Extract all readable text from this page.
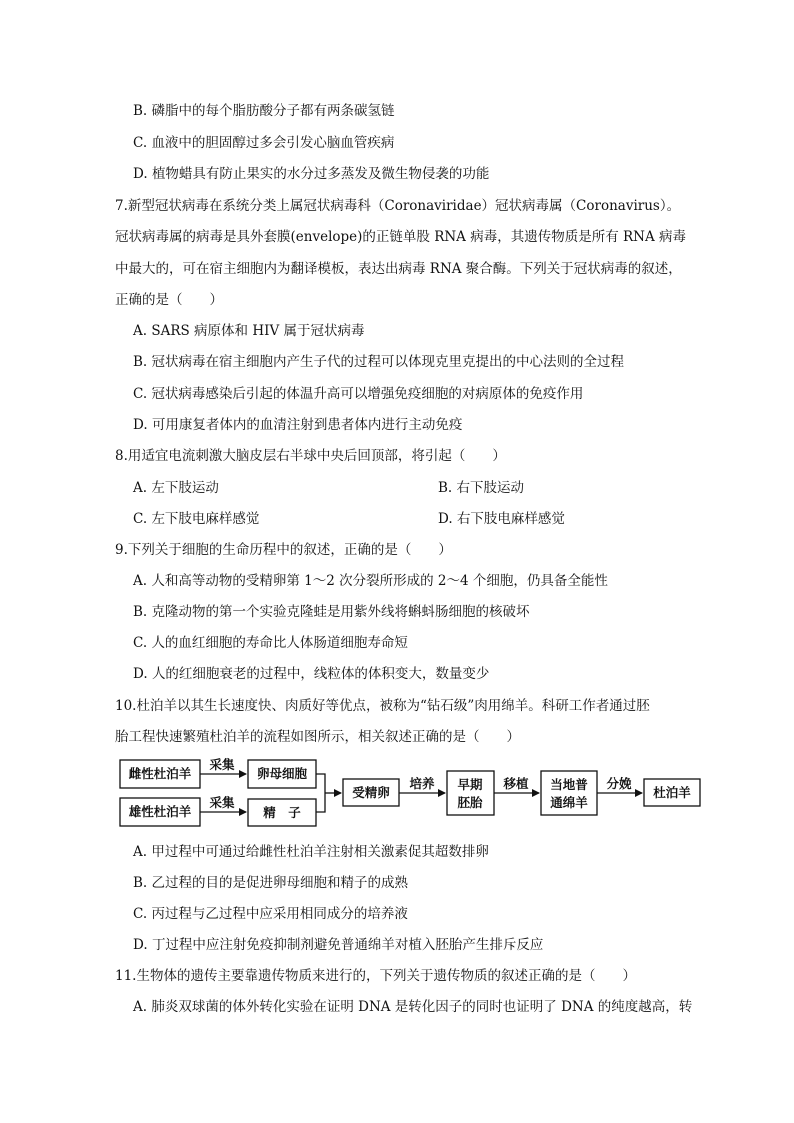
B. 磷脂中的每个脂肪酸分子都有两条碳氢链
C. 血液中的胆固醇过多会引发心脑血管疾病
D. 植物蜡具有防止果实的水分过多蒸发及微生物侵袭的功能
7.新型冠状病毒在系统分类上属冠状病毒科（Coronaviridae）冠状病毒属（Coronavirus）。
冠状病毒属的病毒是具外套膜(envelope)的正链单股 RNA 病毒，其遗传物质是所有 RNA 病毒
中最大的，可在宿主细胞内为翻译模板，表达出病毒 RNA 聚合酶。下列关于冠状病毒的叙述，
正确的是（　　）
A. SARS 病原体和 HIV 属于冠状病毒
B. 冠状病毒在宿主细胞内产生子代的过程可以体现克里克提出的中心法则的全过程
C. 冠状病毒感染后引起的体温升高可以增强免疫细胞的对病原体的免疫作用
D. 可用康复者体内的血清注射到患者体内进行主动免疫
8.用适宜电流刺激大脑皮层右半球中央后回顶部，将引起（　　）
A. 左下肢运动	B. 右下肢运动
C. 左下肢电麻样感觉	D. 右下肢电麻样感觉
9.下列关于细胞的生命历程中的叙述，正确的是（　　）
A. 人和高等动物的受精卵第 1～2 次分裂所形成的 2～4 个细胞，仍具备全能性
B. 克隆动物的第一个实验克隆蛙是用紫外线将蝌蚪肠细胞的核破坏
C. 人的血红细胞的寿命比人体肠道细胞寿命短
D. 人的红细胞衰老的过程中，线粒体的体积变大，数量变少
10.杜泊羊以其生长速度快、肉质好等优点，被称为“钻石级”肉用绵羊。科研工作者通过胚
胎工程快速繁殖杜泊羊的流程如图所示，相关叙述正确的是（　　）
雌性杜泊羊
雄性杜泊羊
采集
采集
卵母细胞
精　子
受精卵
培养 早期
胚胎
移植 当地普
通绵羊
分娩
杜泊羊
A. 甲过程中可通过给雌性杜泊羊注射相关激素促其超数排卵
B. 乙过程的目的是促进卵母细胞和精子的成熟
C. 丙过程与乙过程中应采用相同成分的培养液
D. 丁过程中应注射免疫抑制剂避免普通绵羊对植入胚胎产生排斥反应
11.生物体的遗传主要靠遗传物质来进行的，下列关于遗传物质的叙述正确的是（　　）
A. 肺炎双球菌的体外转化实验在证明 DNA 是转化因子的同时也证明了 DNA 的纯度越高，转
